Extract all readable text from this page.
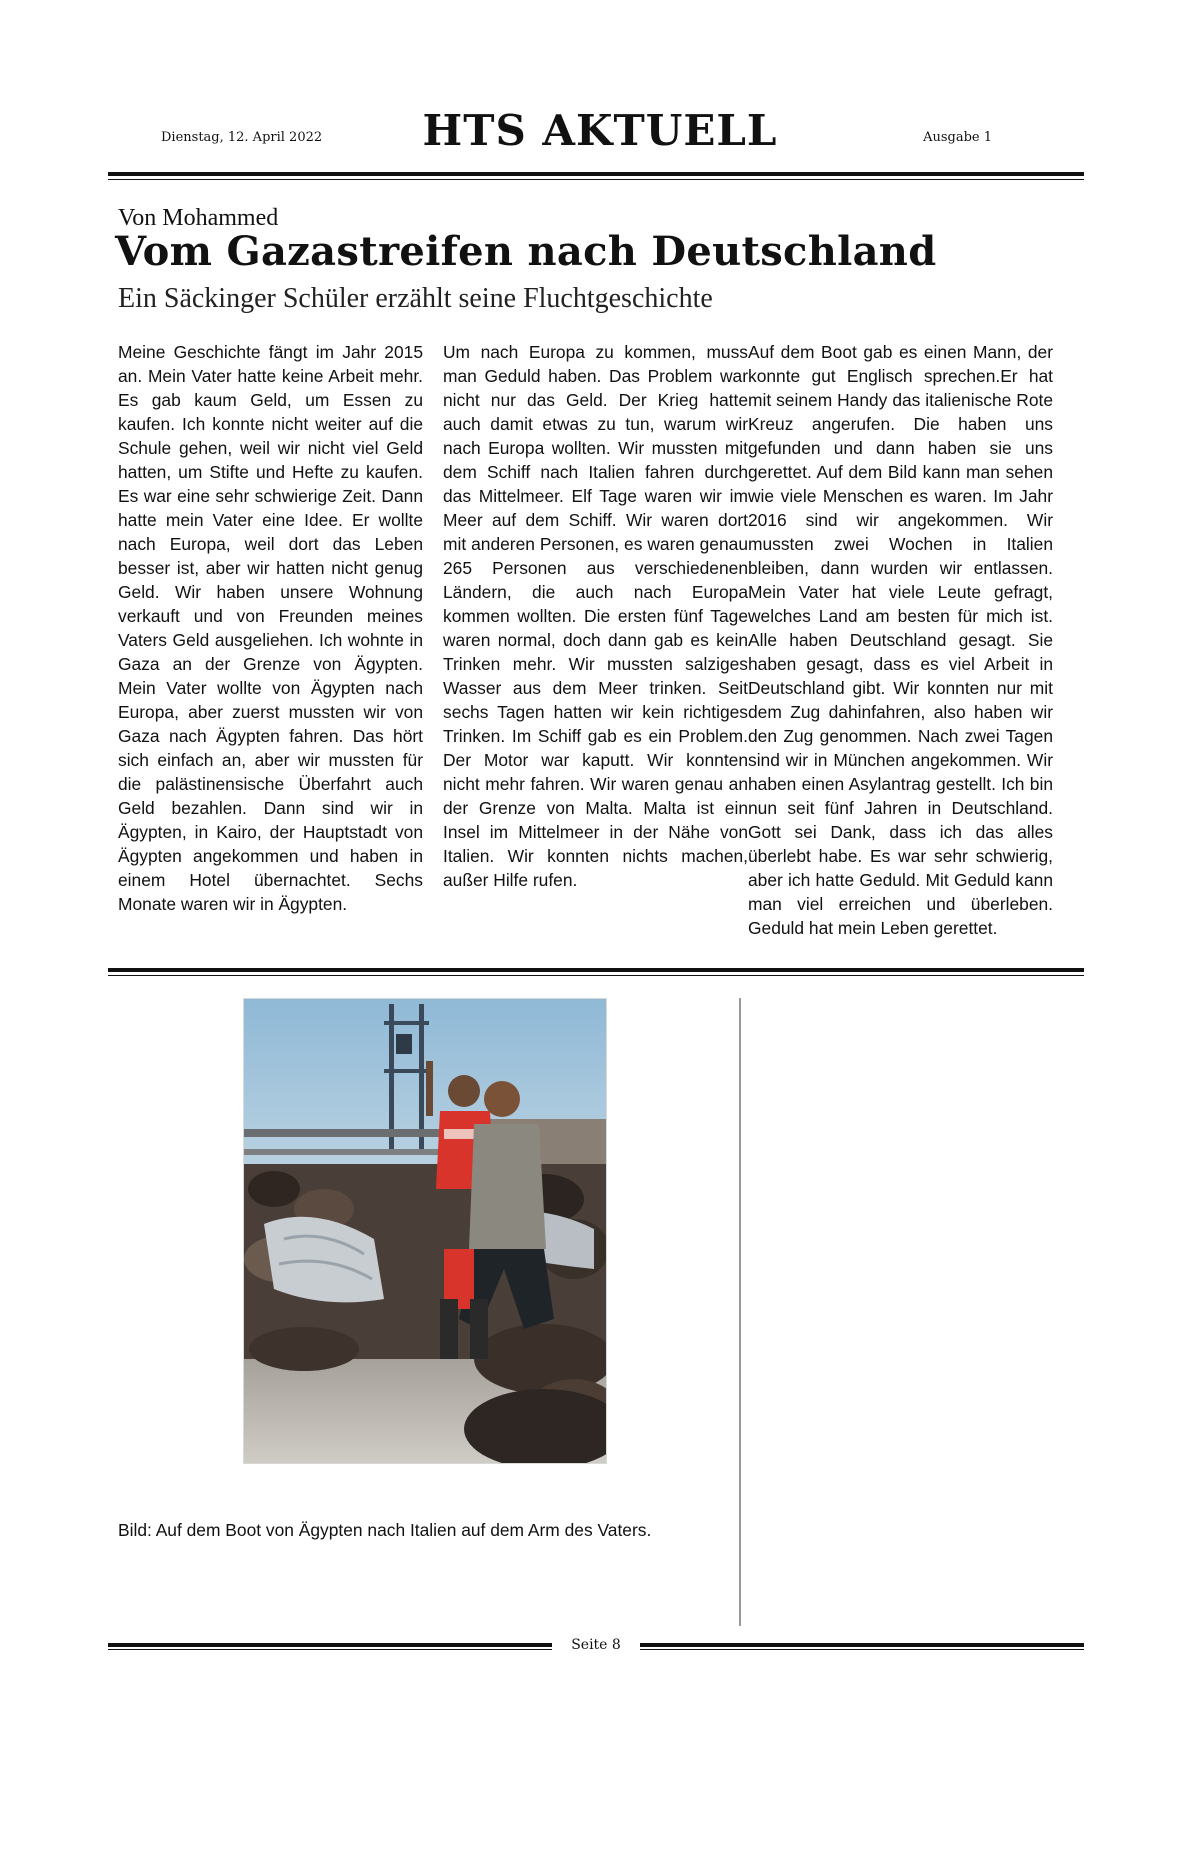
Dienstag, 12. April 2022	HTS AKTUELL	Ausgabe 1
Von Mohammed
Vom Gazastreifen nach Deutschland
Ein Säckinger Schüler erzählt seine Fluchtgeschichte
Meine Geschichte fängt im Jahr 2015 an. Mein Vater hatte keine Arbeit mehr. Es gab kaum Geld, um Essen zu kaufen. Ich konnte nicht weiter auf die Schule gehen, weil wir nicht viel Geld hatten, um Stifte und Hefte zu kaufen. Es war eine sehr schwierige Zeit. Dann hatte mein Vater eine Idee. Er wollte nach Europa, weil dort das Leben besser ist, aber wir hatten nicht genug Geld. Wir haben unsere Wohnung verkauft und von Freunden meines Vaters Geld ausgeliehen. Ich wohnte in Gaza an der Grenze von Ägypten. Mein Vater wollte von Ägypten nach Europa, aber zuerst mussten wir von Gaza nach Ägypten fahren. Das hört sich einfach an, aber wir mussten für die palästinensische Überfahrt auch Geld bezahlen. Dann sind wir in Ägypten, in Kairo, der Hauptstadt von Ägypten angekommen und haben in einem Hotel übernachtet. Sechs Monate waren wir in Ägypten.
Um nach Europa zu kommen, muss man Geduld haben. Das Problem war nicht nur das Geld. Der Krieg hatte auch damit etwas zu tun, warum wir nach Europa wollten. Wir mussten mit dem Schiff nach Italien fahren durch das Mittelmeer. Elf Tage waren wir im Meer auf dem Schiff. Wir waren dort mit anderen Personen, es waren genau 265 Personen aus verschiedenen Ländern, die auch nach Europa kommen wollten. Die ersten fünf Tage waren normal, doch dann gab es kein Trinken mehr. Wir mussten salziges Wasser aus dem Meer trinken. Seit sechs Tagen hatten wir kein richtiges Trinken. Im Schiff gab es ein Problem. Der Motor war kaputt. Wir konnten nicht mehr fahren. Wir waren genau an der Grenze von Malta. Malta ist ein Insel im Mittelmeer in der Nähe von Italien. Wir konnten nichts machen, außer Hilfe rufen.
Auf dem Boot gab es einen Mann, der konnte gut Englisch sprechen.Er hat mit seinem Handy das italienische Rote Kreuz angerufen. Die haben uns gefunden und dann haben sie uns gerettet. Auf dem Bild kann man sehen wie viele Menschen es waren. Im Jahr 2016 sind wir angekommen. Wir mussten zwei Wochen in Italien bleiben, dann wurden wir entlassen. Mein Vater hat viele Leute gefragt, welches Land am besten für mich ist. Alle haben Deutschland gesagt. Sie haben gesagt, dass es viel Arbeit in Deutschland gibt. Wir konnten nur mit dem Zug dahinfahren, also haben wir den Zug genommen. Nach zwei Tagen sind wir in München angekommen. Wir haben einen Asylantrag gestellt. Ich bin nun seit fünf Jahren in Deutschland. Gott sei Dank, dass ich das alles überlebt habe. Es war sehr schwierig, aber ich hatte Geduld. Mit Geduld kann man viel erreichen und überleben. Geduld hat mein Leben gerettet.
Bild: Auf dem Boot von Ägypten nach Italien auf dem Arm des Vaters.
Seite 8
